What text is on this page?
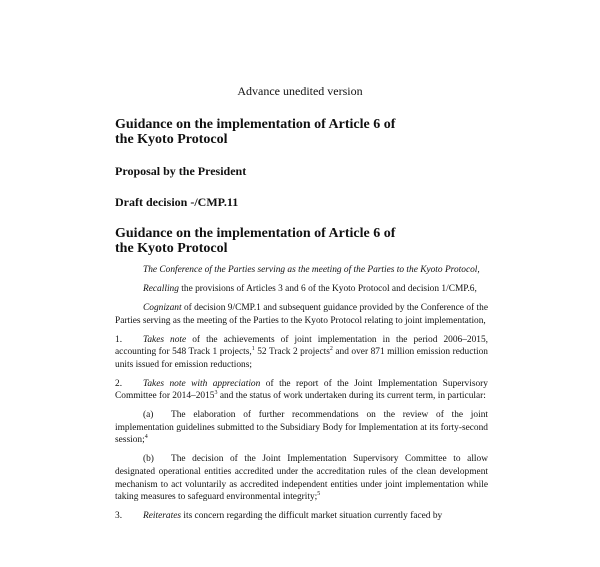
Advance unedited version
Guidance on the implementation of Article 6 of
the Kyoto Protocol
Proposal by the President
Draft decision -/CMP.11
Guidance on the implementation of Article 6 of
the Kyoto Protocol

The Conference of the Parties serving as the meeting of the Parties to the Kyoto Protocol,

Recalling the provisions of Articles 3 and 6 of the Kyoto Protocol and decision 1/CMP.6,

Cognizant of decision 9/CMP.1 and subsequent guidance provided by the Conference of the Parties serving as the meeting of the Parties to the Kyoto Protocol relating to joint implementation,

1. Takes note of the achievements of joint implementation in the period 2006–2015, accounting for 548 Track 1 projects,$^1$ 52 Track 2 projects$^2$ and over 871 million emission reduction units issued for emission reductions;

2. Takes note with appreciation of the report of the Joint Implementation Supervisory Committee for 2014–2015$^3$ and the status of work undertaken during its current term, in particular:

(a) The elaboration of further recommendations on the review of the joint implementation guidelines submitted to the Subsidiary Body for Implementation at its forty-second session;$^4$

(b) The decision of the Joint Implementation Supervisory Committee to allow designated operational entities accredited under the accreditation rules of the clean development mechanism to act voluntarily as accredited independent entities under joint implementation while taking measures to safeguard environmental integrity;$^5$

3. Reiterates its concern regarding the difficult market situation currently faced by
